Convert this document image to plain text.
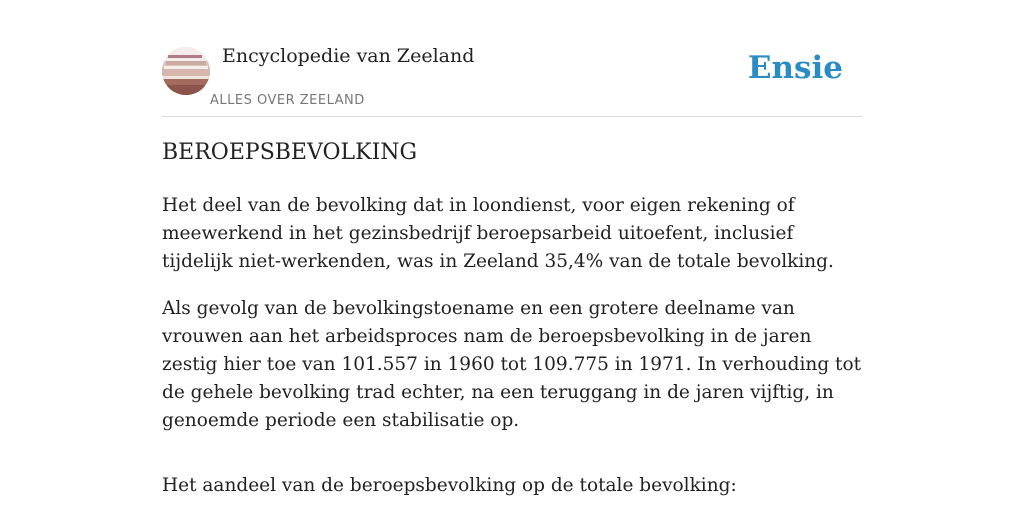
Encyclopedie van Zeeland
ALLES OVER ZEELAND
Ensie
BEROEPSBEVOLKING

Het deel van de bevolking dat in loondienst, voor eigen rekening of meewerkend in het gezinsbedrijf beroepsarbeid uitoefent, inclusief tijdelijk niet-werkenden, was in Zeeland 35,4% van de totale bevolking.

Als gevolg van de bevolkingstoename en een grotere deelname van vrouwen aan het arbeidsproces nam de beroepsbevolking in de jaren zestig hier toe van 101.557 in 1960 tot 109.775 in 1971. In verhouding tot de gehele bevolking trad echter, na een teruggang in de jaren vijftig, in genoemde periode een stabilisatie op.

Het aandeel van de beroepsbevolking op de totale bevolking:
